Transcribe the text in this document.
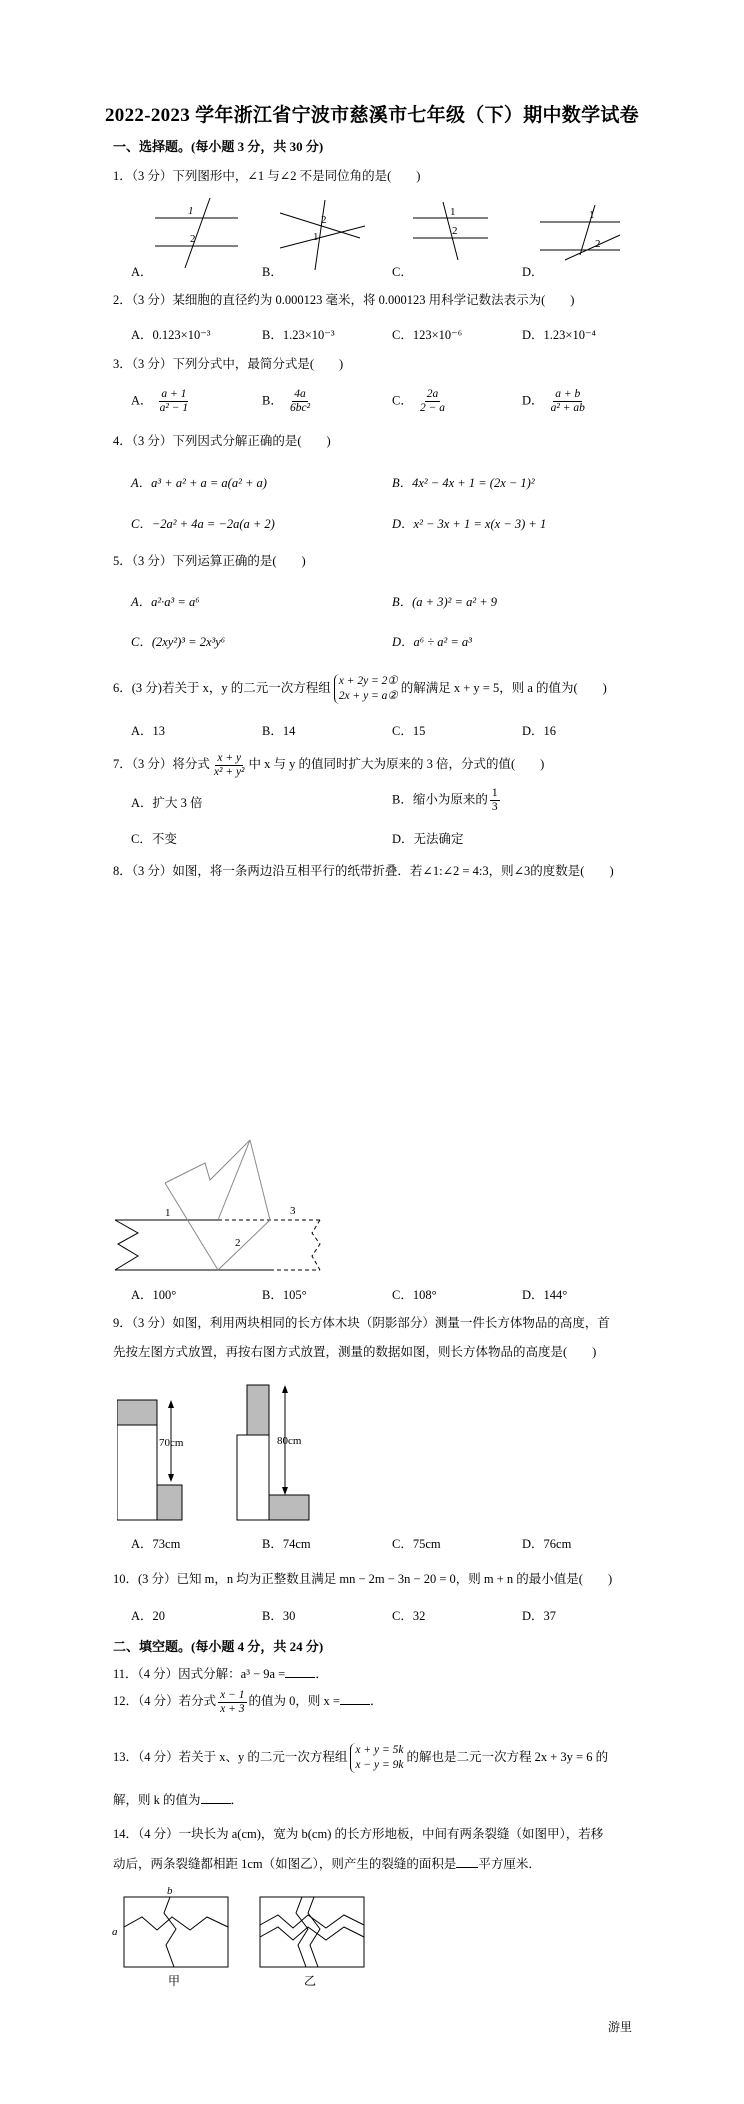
2022-2023 学年浙江省宁波市慈溪市七年级（下）期中数学试卷
一、选择题。(每小题 3 分，共 30 分)
1．（3 分）下列图形中，∠1 与∠2 不是同位角的是(　　)
1
2
2
1
1
2
1
2
A．	B．	C．	D．
2．（3 分）某细胞的直径约为 0.000123 毫米，将 0.000123 用科学记数法表示为(　　)
A．0.123×10⁻³	B．1.23×10⁻³	C．123×10⁻⁶	D．1.23×10⁻⁴
3．（3 分）下列分式中，最简分式是(　　)
A． $\frac{a + 1}{\text{a² − 1}}$	B． $\frac{4a}{\text{6bc²}}$	C． $\frac{2a}{2 - a}$	D． $\frac{a + b}{\text{a² + ab}}$
4．（3 分）下列因式分解正确的是(　　)
A．a³ + a² + a = a(a² + a)	B．4x² − 4x + 1 = (2x − 1)²
C．−2a² + 4a = −2a(a + 2)	D．x² − 3x + 1 = x(x − 3) + 1
5．（3 分）下列运算正确的是(　　)
A．a²·a³ = a⁶	B．(a + 3)² = a² + 9
C．(2xy²)³ = 2x³y⁶	D．a⁶ ÷ a² = a³
6．(3 分)若关于 x，y 的二元一次方程组 x + 2y = 2①
2x + y = a②的解满足 x + y = 5，则 a 的值为(　　)
A．13	B．14	C．15	D．16
7．（3 分）将分式 $\frac{x + y}{\text{x² + y²}}$ 中 x 与 y 的值同时扩大为原来的 3 倍，分式的值(　　)
A．扩大 3 倍	B．缩小为原来的 $\frac{1}{3}$
C．不变	D．无法确定
8．（3 分）如图，将一条两边沿互相平行的纸带折叠．若∠1:∠2 = 4:3，则∠3的度数是(　　)
1
2
3
A．100°	B．105°	C．108°	D．144°
9．（3 分）如图，利用两块相同的长方体木块（阴影部分）测量一件长方体物品的高度，首
先按左图方式放置，再按右图方式放置，测量的数据如图，则长方体物品的高度是(　　)
70cm	80cm
A．73cm	B．74cm	C．75cm	D．76cm
10．(3 分）已知 m，n 均为正整数且满足 mn − 2m − 3n − 20 = 0，则 m + n 的最小值是(　　)
A．20	B．30	C．32	D．37
二、填空题。(每小题 4 分，共 24 分)
11．（4 分）因式分解：a³ − 9a = ．
12．（4 分）若分式 $\frac{x - 1}{x + 3}$ 的值为 0，则 x = ．
13．（4 分）若关于 x、y 的二元一次方程组 x + y = 5k
x − y = 9k的解也是二元一次方程 2x + 3y = 6 的
解，则 k 的值为 ．
14．（4 分）一块长为 a(cm)，宽为 b(cm) 的长方形地板，中间有两条裂缝（如图甲），若移
动后，两条裂缝都相距 1cm（如图乙），则产生的裂缝的面积是 平方厘米．
b
a
甲	乙
游里
